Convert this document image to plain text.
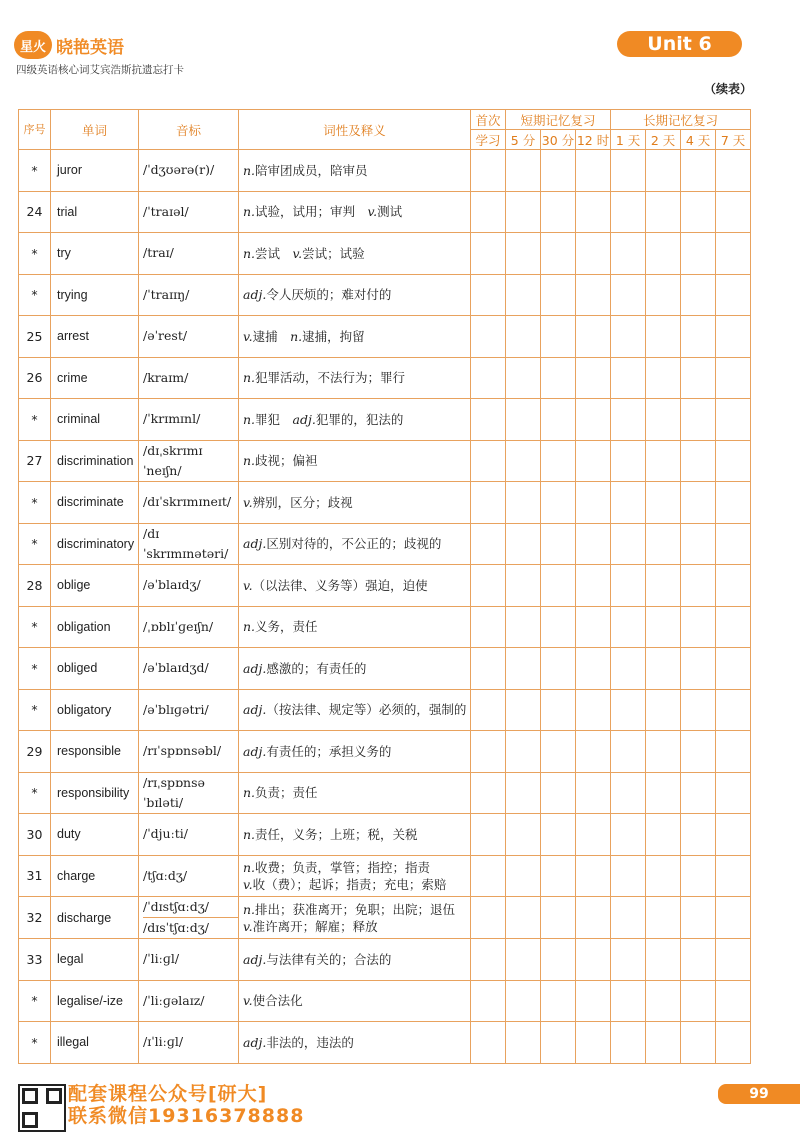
星火 晓艳英语
四级英语核心词艾宾浩斯抗遗忘打卡
Unit 6
（续表）
序号	单词	音标	词性及释义	首次	短期记忆复习			长期记忆复习			
				学习	5 分	30 分	12 时	1 天	2 天	4 天	7 天
*	juror	/ˈdʒʊərə(r)/	n.陪审团成员，陪审员								

24	trial	/ˈtraɪəl/	n.试验，试用；审判　v.测试								

*	try	/traɪ/	n.尝试　v.尝试；试验								

*	trying	/ˈtraɪɪŋ/	adj.令人厌烦的；难对付的								

25	arrest	/əˈrest/	v.逮捕　n.逮捕，拘留								

26	crime	/kraɪm/	n.犯罪活动，不法行为；罪行								

*	criminal	/ˈkrɪmɪnl/	n.罪犯　adj.犯罪的，犯法的								

27	discrimination	/dɪˌskrɪmɪˈneɪʃn/	n.歧视；偏袒								

*	discriminate	/dɪˈskrɪmɪneɪt/	v.辨别，区分；歧视								

*	discriminatory	/dɪˈskrɪmɪnətəri/	adj.区别对待的，不公正的；歧视的								

28	oblige	/əˈblaɪdʒ/	v.（以法律、义务等）强迫，迫使								

*	obligation	/ˌɒblɪˈɡeɪʃn/	n.义务，责任								

*	obliged	/əˈblaɪdʒd/	adj.感激的；有责任的								

*	obligatory	/əˈblɪɡətri/	adj.（按法律、规定等）必须的，强制的								

29	responsible	/rɪˈspɒnsəbl/	adj.有责任的；承担义务的								

*	responsibility	/rɪˌspɒnsəˈbɪləti/	n.负责；责任								

30	duty	/ˈdjuːti/	n.责任，义务；上班；税，关税								

31	charge	/tʃɑːdʒ/	n.收费；负责，掌管；指控；指责
v.收（费）；起诉；指责；充电；索赔								

32	discharge	/ˈdɪstʃɑːdʒ/
/dɪsˈtʃɑːdʒ/	n.排出；获准离开；免职；出院；退伍
v.准许离开；解雇；释放								

33	legal	/ˈliːɡl/	adj.与法律有关的；合法的								

*	legalise/-ize	/ˈliːɡəlaɪz/	v.使合法化								

*	illegal	/ɪˈliːɡl/	adj.非法的，违法的								

配套课程公众号[研大]
联系微信19316378888
99
